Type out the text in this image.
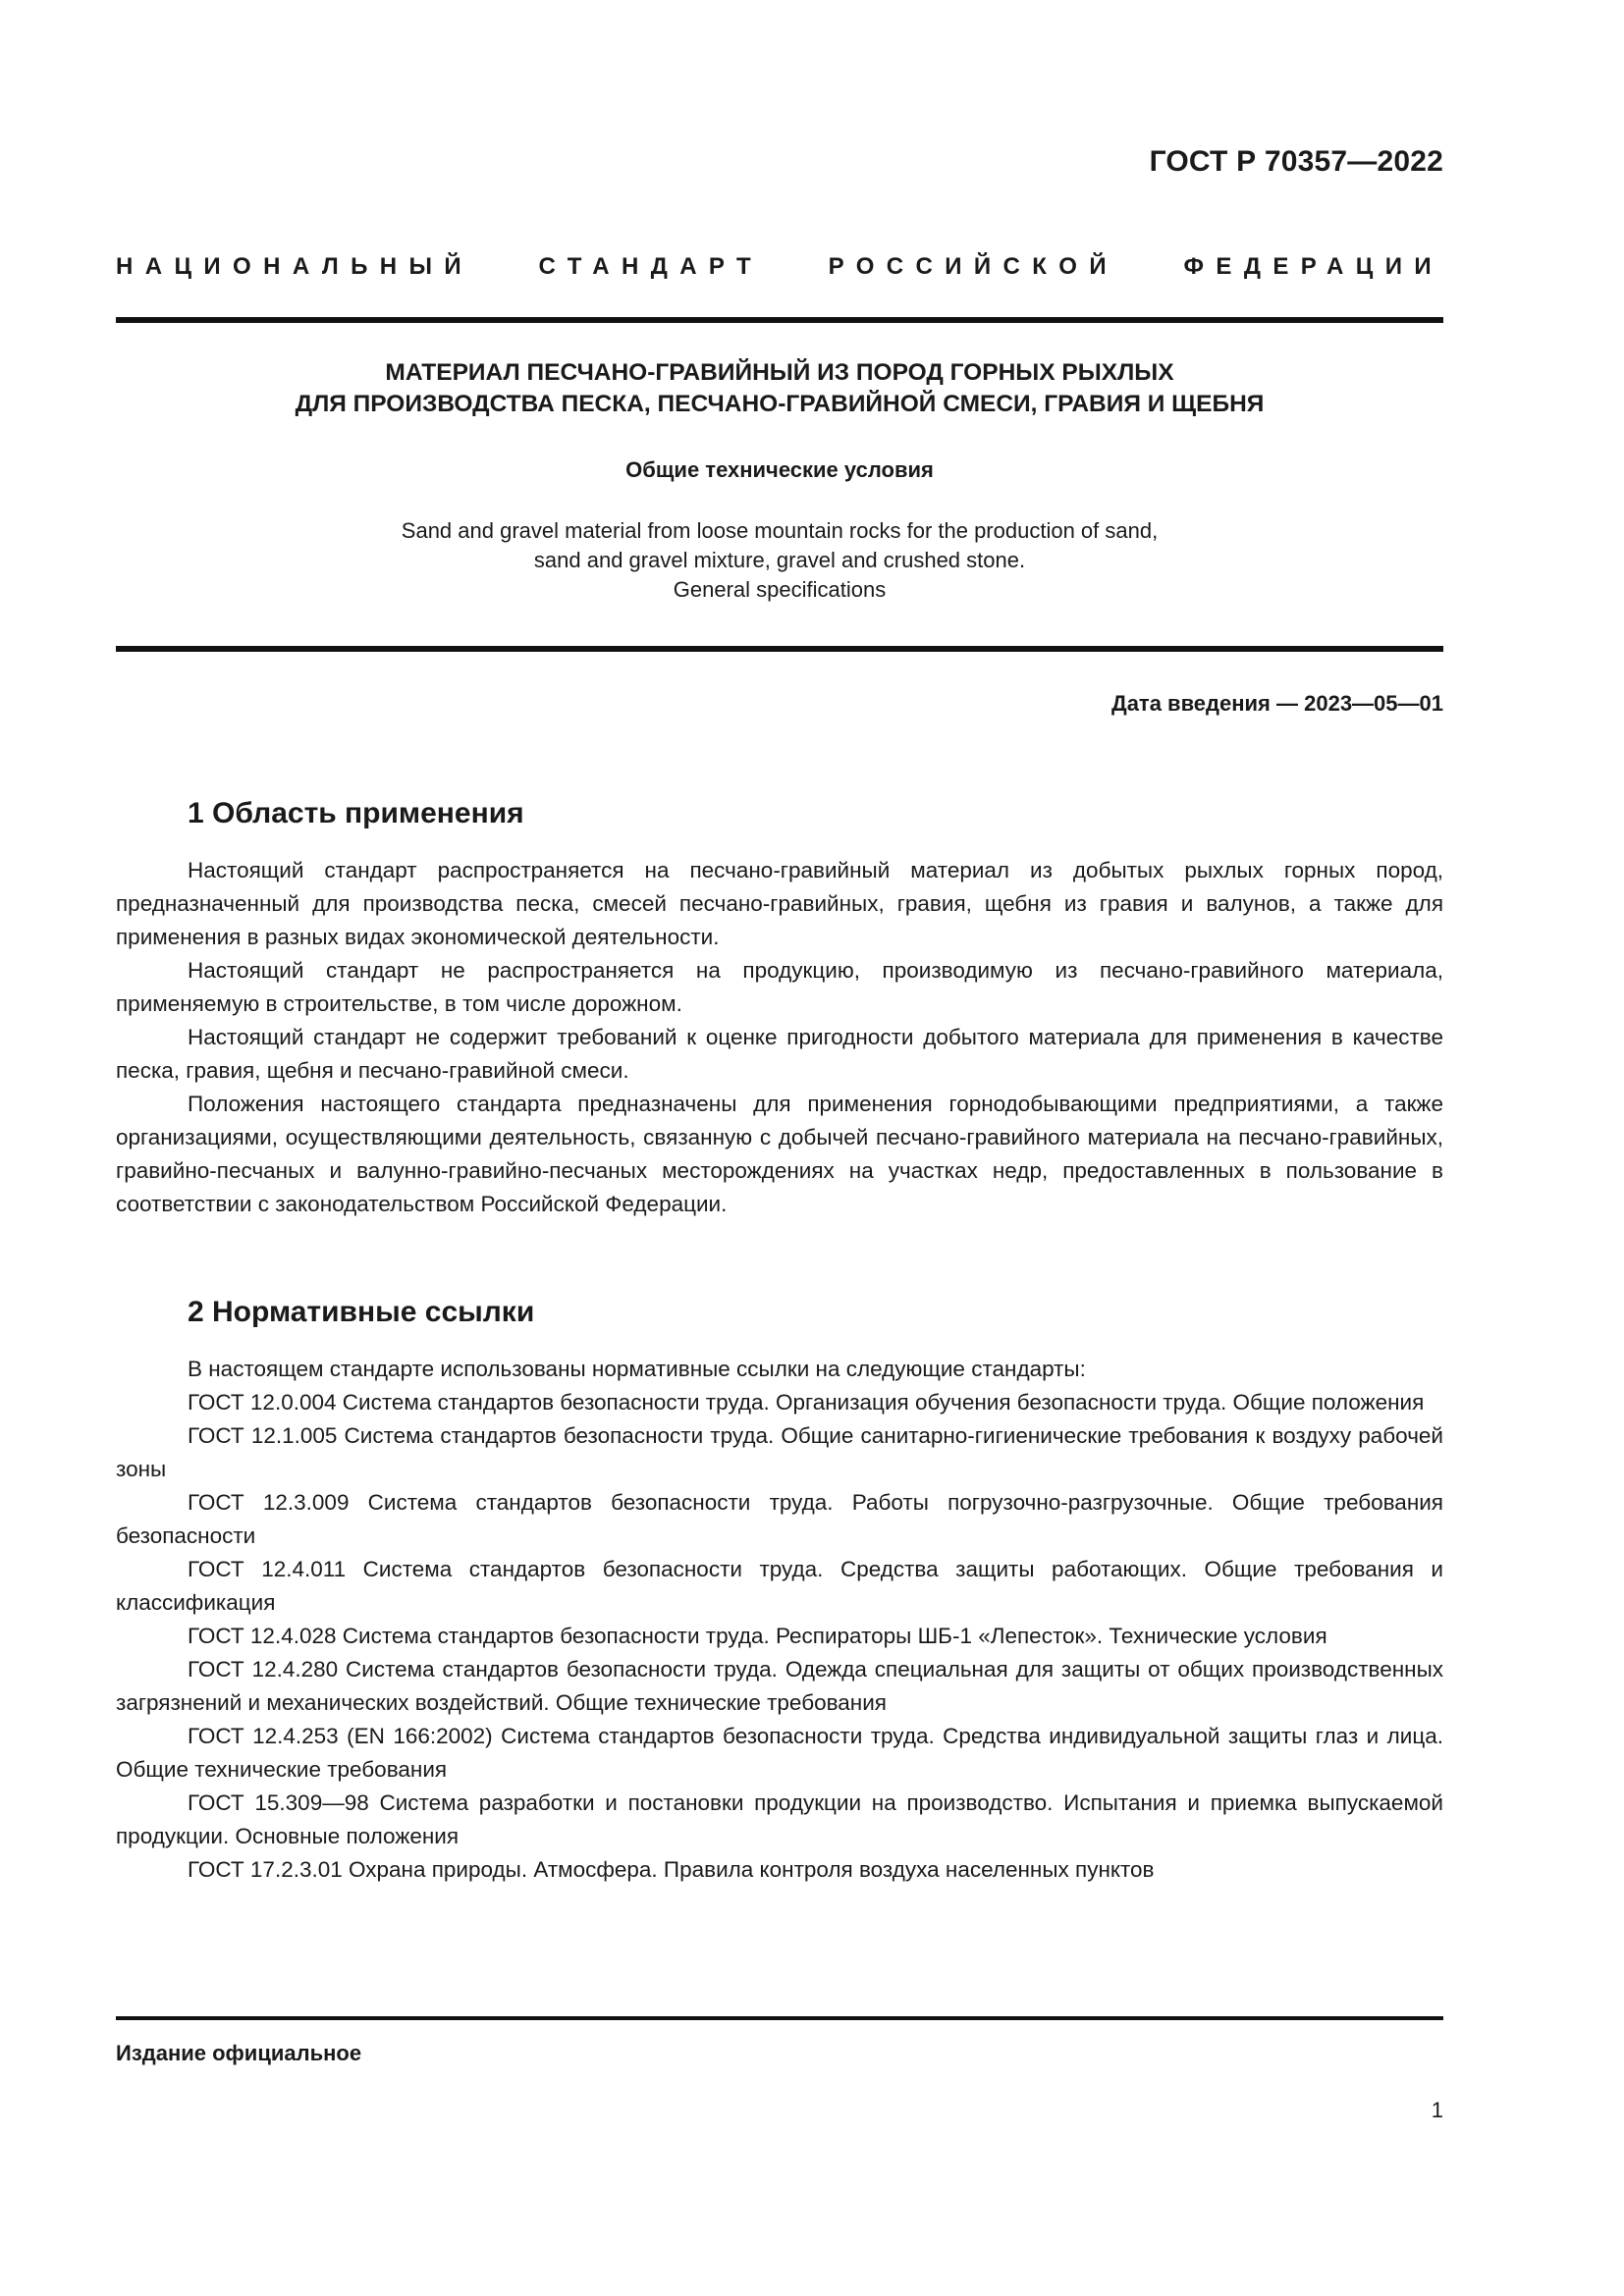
ГОСТ Р 70357—2022
НАЦИОНАЛЬНЫЙ СТАНДАРТ РОССИЙСКОЙ ФЕДЕРАЦИИ
МАТЕРИАЛ ПЕСЧАНО-ГРАВИЙНЫЙ ИЗ ПОРОД ГОРНЫХ РЫХЛЫХ
ДЛЯ ПРОИЗВОДСТВА ПЕСКА, ПЕСЧАНО-ГРАВИЙНОЙ СМЕСИ, ГРАВИЯ И ЩЕБНЯ
Общие технические условия
Sand and gravel material from loose mountain rocks for the production of sand,
sand and gravel mixture, gravel and crushed stone.
General specifications
Дата введения — 2023—05—01
1 Область применения

Настоящий стандарт распространяется на песчано-гравийный материал из добытых рыхлых горных пород, предназначенный для производства песка, смесей песчано-гравийных, гравия, щебня из гравия и валунов, а также для применения в разных видах экономической деятельности.

Настоящий стандарт не распространяется на продукцию, производимую из песчано-гравийного материала, применяемую в строительстве, в том числе дорожном.

Настоящий стандарт не содержит требований к оценке пригодности добытого материала для применения в качестве песка, гравия, щебня и песчано-гравийной смеси.

Положения настоящего стандарта предназначены для применения горнодобывающими предприятиями, а также организациями, осуществляющими деятельность, связанную с добычей песчано-гравийного материала на песчано-гравийных, гравийно-песчаных и валунно-гравийно-песчаных месторождениях на участках недр, предоставленных в пользование в соответствии с законодательством Российской Федерации.

2 Нормативные ссылки

В настоящем стандарте использованы нормативные ссылки на следующие стандарты:

ГОСТ 12.0.004 Система стандартов безопасности труда. Организация обучения безопасности труда. Общие положения

ГОСТ 12.1.005 Система стандартов безопасности труда. Общие санитарно-гигиенические требования к воздуху рабочей зоны

ГОСТ 12.3.009 Система стандартов безопасности труда. Работы погрузочно-разгрузочные. Общие требования безопасности

ГОСТ 12.4.011 Система стандартов безопасности труда. Средства защиты работающих. Общие требования и классификация

ГОСТ 12.4.028 Система стандартов безопасности труда. Респираторы ШБ-1 «Лепесток». Технические условия

ГОСТ 12.4.280 Система стандартов безопасности труда. Одежда специальная для защиты от общих производственных загрязнений и механических воздействий. Общие технические требования

ГОСТ 12.4.253 (EN 166:2002) Система стандартов безопасности труда. Средства индивидуальной защиты глаз и лица. Общие технические требования

ГОСТ 15.309—98 Система разработки и постановки продукции на производство. Испытания и приемка выпускаемой продукции. Основные положения

ГОСТ 17.2.3.01 Охрана природы. Атмосфера. Правила контроля воздуха населенных пунктов

Издание официальное
1
